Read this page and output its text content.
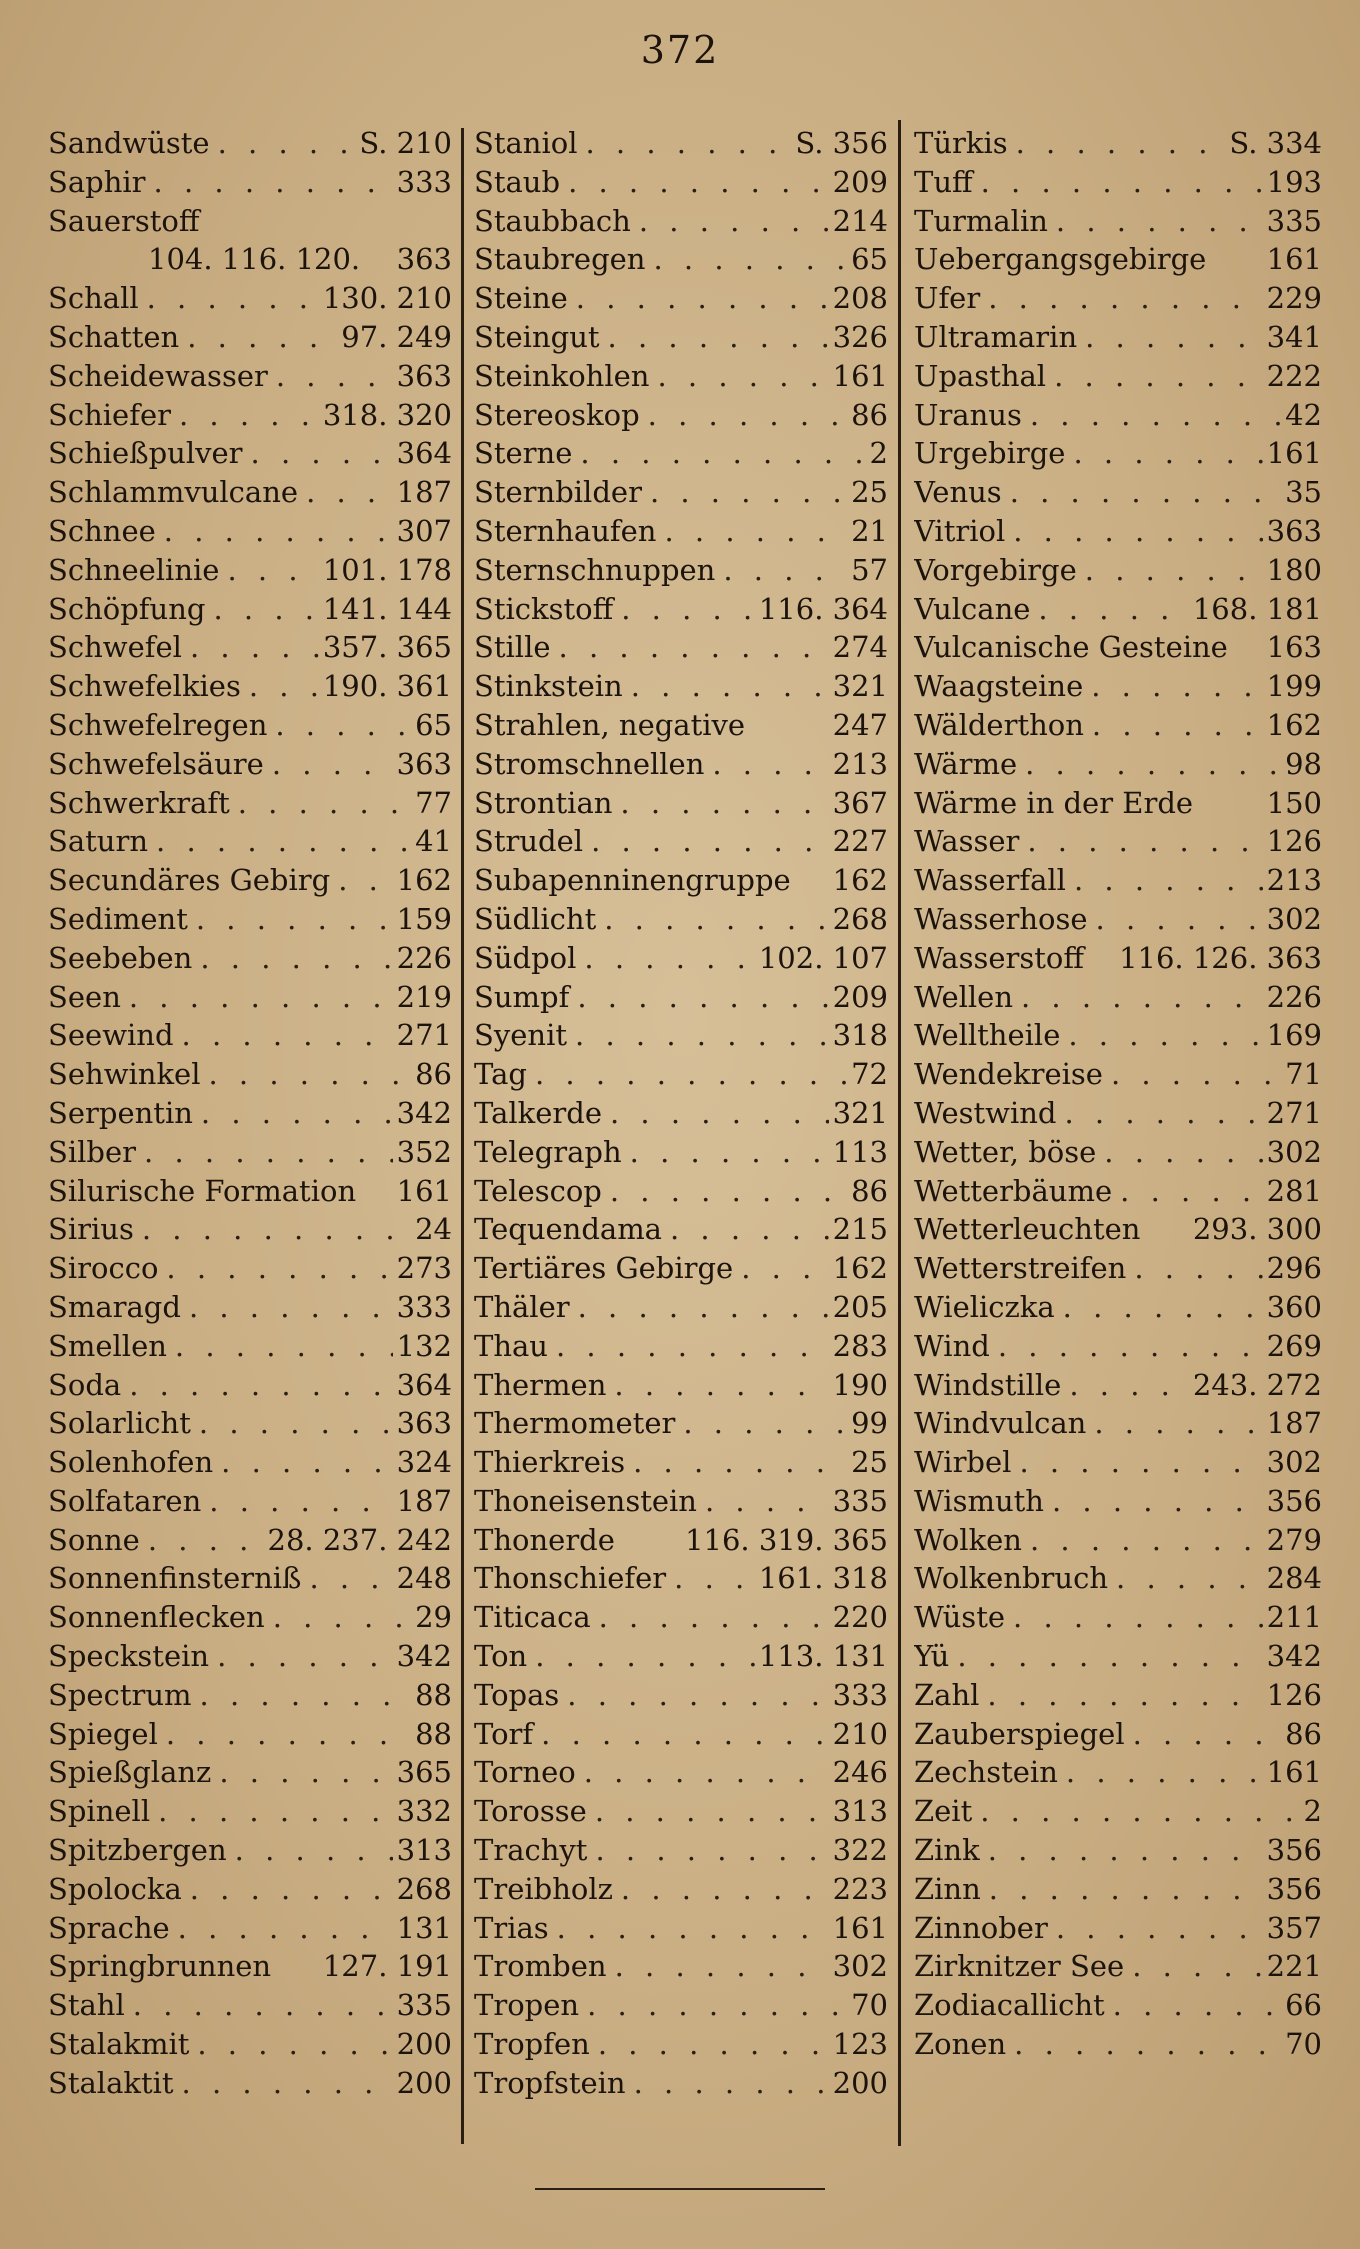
372
Sandwüste . . .	S. 210
Saphir . . .	333
Sauerstoff
104. 116. 120. 363
Schall . . .	130. 210
Schatten . . .	97. 249
Scheidewasser . . .	363
Schiefer . . .	318. 320
Schießpulver . . .	364
Schlammvulcane . . .	187
Schnee . . .	307
Schneelinie . . .	101. 178
Schöpfung . . .	141. 144
Schwefel . . .	357. 365
Schwefelkies . . .	190. 361
Schwefelregen . . .	65
Schwefelsäure . . .	363
Schwerkraft . . .	77
Saturn . . .	41
Secundäres Gebirg . . . 162
Sediment . . .	159
Seebeben . . .	226
Seen . . .	219
Seewind . . .	271
Sehwinkel . . .	86
Serpentin . . .	342
Silber . . .	352
Silurische Formation 161
Sirius . . .	24
Sirocco . . .	273
Smaragd . . .	333
Smellen . . .	132
Soda . . .	364
Solarlicht . . .	363
Solenhofen . . .	324
Solfataren . . .	187
Sonne . . .	28. 237. 242
Sonnenfinsterniß . . .	248
Sonnenflecken . . .	29
Speckstein . . .	342
Spectrum . . .	88
Spiegel . . .	88
Spießglanz . . .	365
Spinell . . .	332
Spitzbergen . . .	313
Spolocka . . .	268
Sprache . . .	131
Springbrunnen 127. 191
Stahl . . .	335
Stalakmit . . .	200
Stalaktit . . .	200
Staniol . . .	S. 356
Staub . . .	209
Staubbach . . .	214
Staubregen . . .	65
Steine . . .	208
Steingut . . .	326
Steinkohlen . . .	161
Stereoskop . . .	86
Sterne . . .	2
Sternbilder . . .	25
Sternhaufen . . .	21
Sternschnuppen . . .	57
Stickstoff . . .	116. 364
Stille . . .	274
Stinkstein . . .	321
Strahlen, negative	247
Stromschnellen . . .	213
Strontian . . .	367
Strudel . . .	227
Subapenninengruppe 162
Südlicht . . .	268
Südpol . . .	102. 107
Sumpf . . .	209
Syenit . . .	318
Tag . . .	72
Talkerde . . .	321
Telegraph . . .	113
Telescop . . .	86
Tequendama . . .	215
Tertiäres Gebirge . . .	162
Thäler . . .	205
Thau . . .	283
Thermen . . .	190
Thermometer . . .	99
Thierkreis . . .	25
Thoneisenstein . . .	335
Thonerde 116. 319. 365
Thonschiefer . . .	161. 318
Titicaca . . .	220
Ton . . .	113. 131
Topas . . .	333
Torf . . .	210
Torneo . . .	246
Torosse . . .	313
Trachyt . . .	322
Treibholz . . .	223
Trias . . .	161
Tromben . . .	302
Tropen . . .	70
Tropfen . . .	123
Tropfstein . . .	200
Türkis . . .	S. 334
Tuff . . .	193
Turmalin . . .	335
Uebergangsgebirge 161
Ufer . . .	229
Ultramarin . . .	341
Upasthal . . .	222
Uranus . . .	42
Urgebirge . . .	161
Venus . . .	35
Vitriol . . .	363
Vorgebirge . . .	180
Vulcane . . .	168. 181
Vulcanische Gesteine 163
Waagsteine . . .	199
Wälderthon . . .	162
Wärme . . .	98
Wärme in der Erde	150
Wasser . . .	126
Wasserfall . . .	213
Wasserhose . . .	302
Wasserstoff 116. 126. 363
Wellen . . .	226
Welltheile . . .	169
Wendekreise . . .	71
Westwind . . .	271
Wetter, böse . . .	302
Wetterbäume . . .	281
Wetterleuchten 293. 300
Wetterstreifen . . .	296
Wieliczka . . .	360
Wind . . .	269
Windstille . . .	243. 272
Windvulcan . . .	187
Wirbel . . .	302
Wismuth . . .	356
Wolken . . .	279
Wolkenbruch . . .	284
Wüste . . .	211
Yü . . .	342
Zahl . . .	126
Zauberspiegel . . .	86
Zechstein . . .	161
Zeit . . .	2
Zink . . .	356
Zinn . . .	356
Zinnober . . .	357
Zirknitzer See . . .	221
Zodiacallicht . . .	66
Zonen . . .	70
